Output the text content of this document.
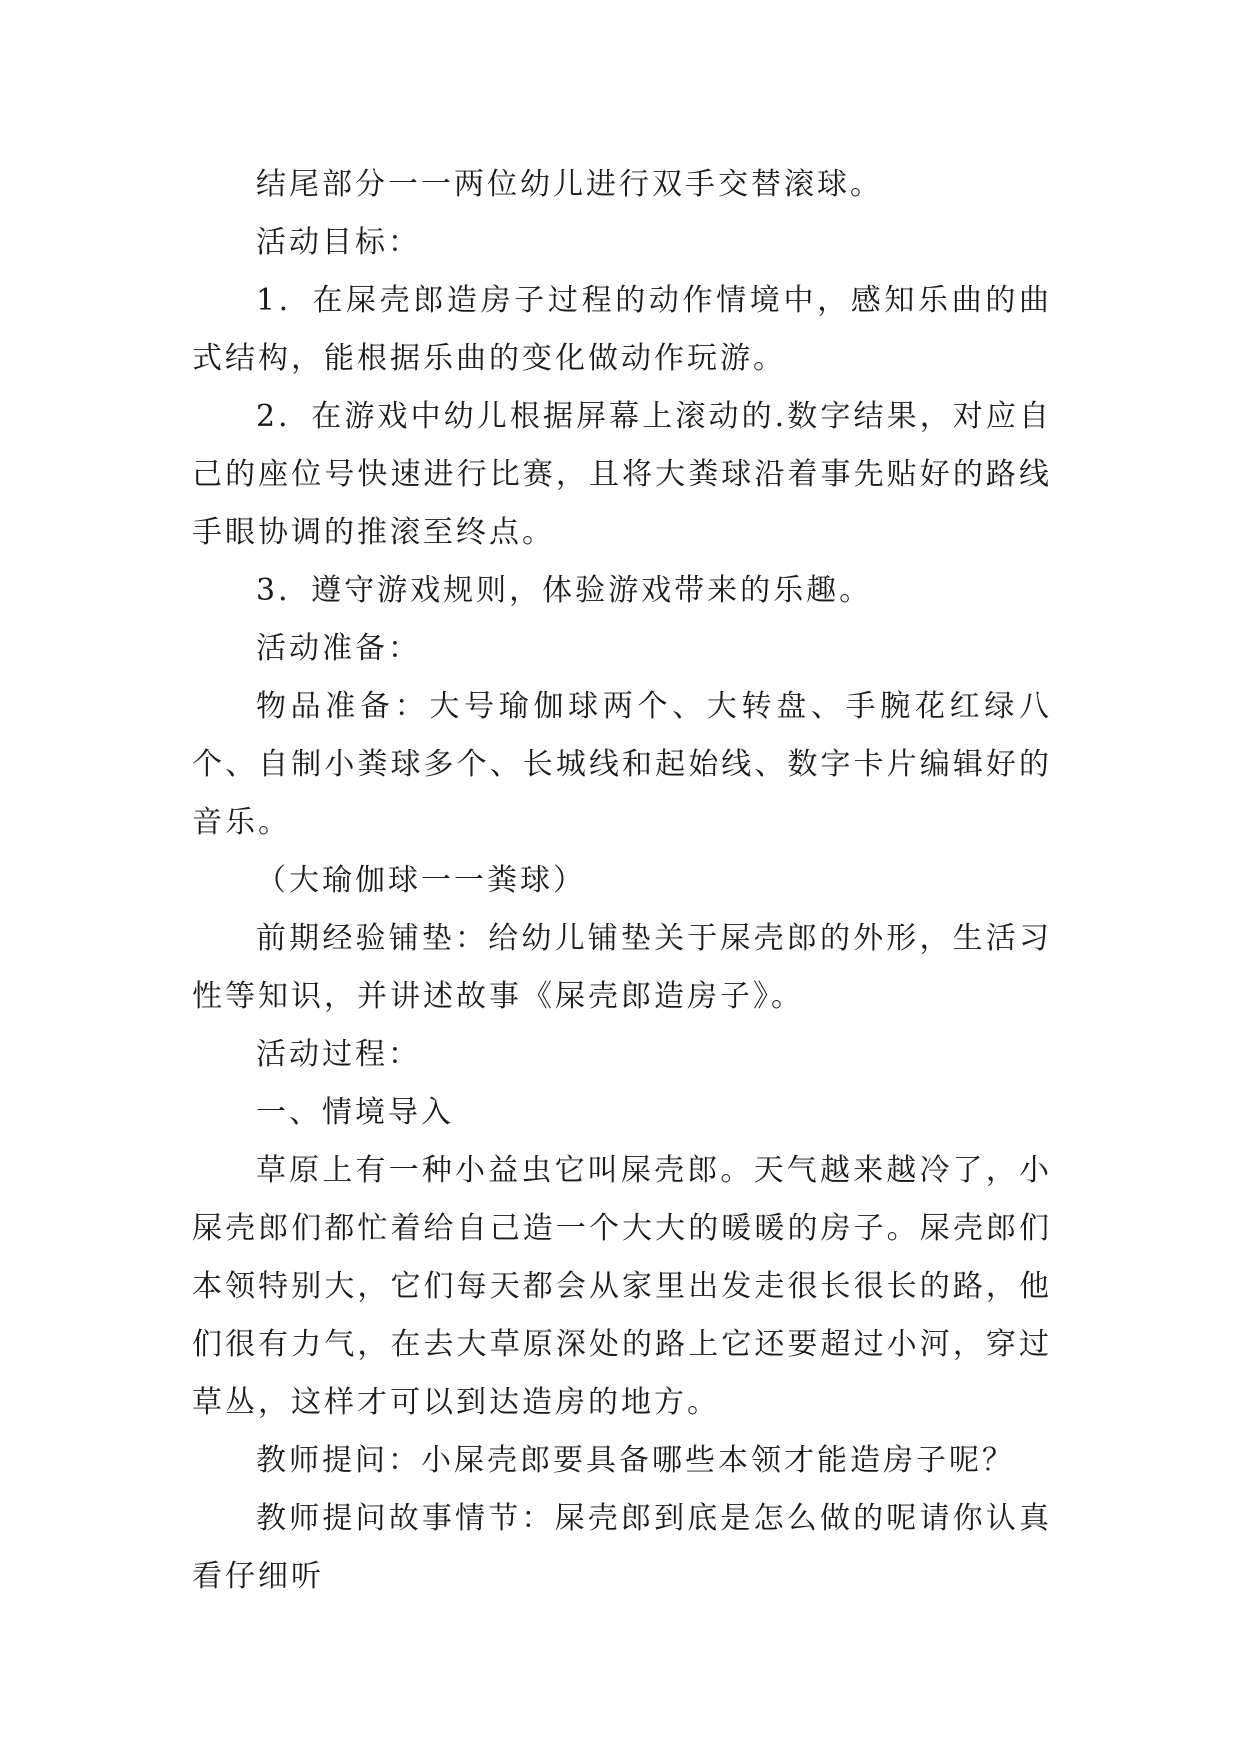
结尾部分一一两位幼儿进行双手交替滚球。

活动目标：

1．在屎壳郎造房子过程的动作情境中，感知乐曲的曲式结构，能根据乐曲的变化做动作玩游。

2．在游戏中幼儿根据屏幕上滚动的.数字结果，对应自己的座位号快速进行比赛，且将大粪球沿着事先贴好的路线手眼协调的推滚至终点。

3．遵守游戏规则，体验游戏带来的乐趣。

活动准备：

物品准备：大号瑜伽球两个、大转盘、手腕花红绿八个、自制小粪球多个、长城线和起始线、数字卡片编辑好的音乐。

（大瑜伽球一一粪球）

前期经验铺垫：给幼儿铺垫关于屎壳郎的外形，生活习性等知识，并讲述故事《屎壳郎造房子》。

活动过程：

一、情境导入

草原上有一种小益虫它叫屎壳郎。天气越来越冷了，小屎壳郎们都忙着给自己造一个大大的暖暖的房子。屎壳郎们本领特别大，它们每天都会从家里出发走很长很长的路，他们很有力气，在去大草原深处的路上它还要超过小河，穿过草丛，这样才可以到达造房的地方。

教师提问：小屎壳郎要具备哪些本领才能造房子呢？

教师提问故事情节：屎壳郎到底是怎么做的呢请你认真看仔细听
